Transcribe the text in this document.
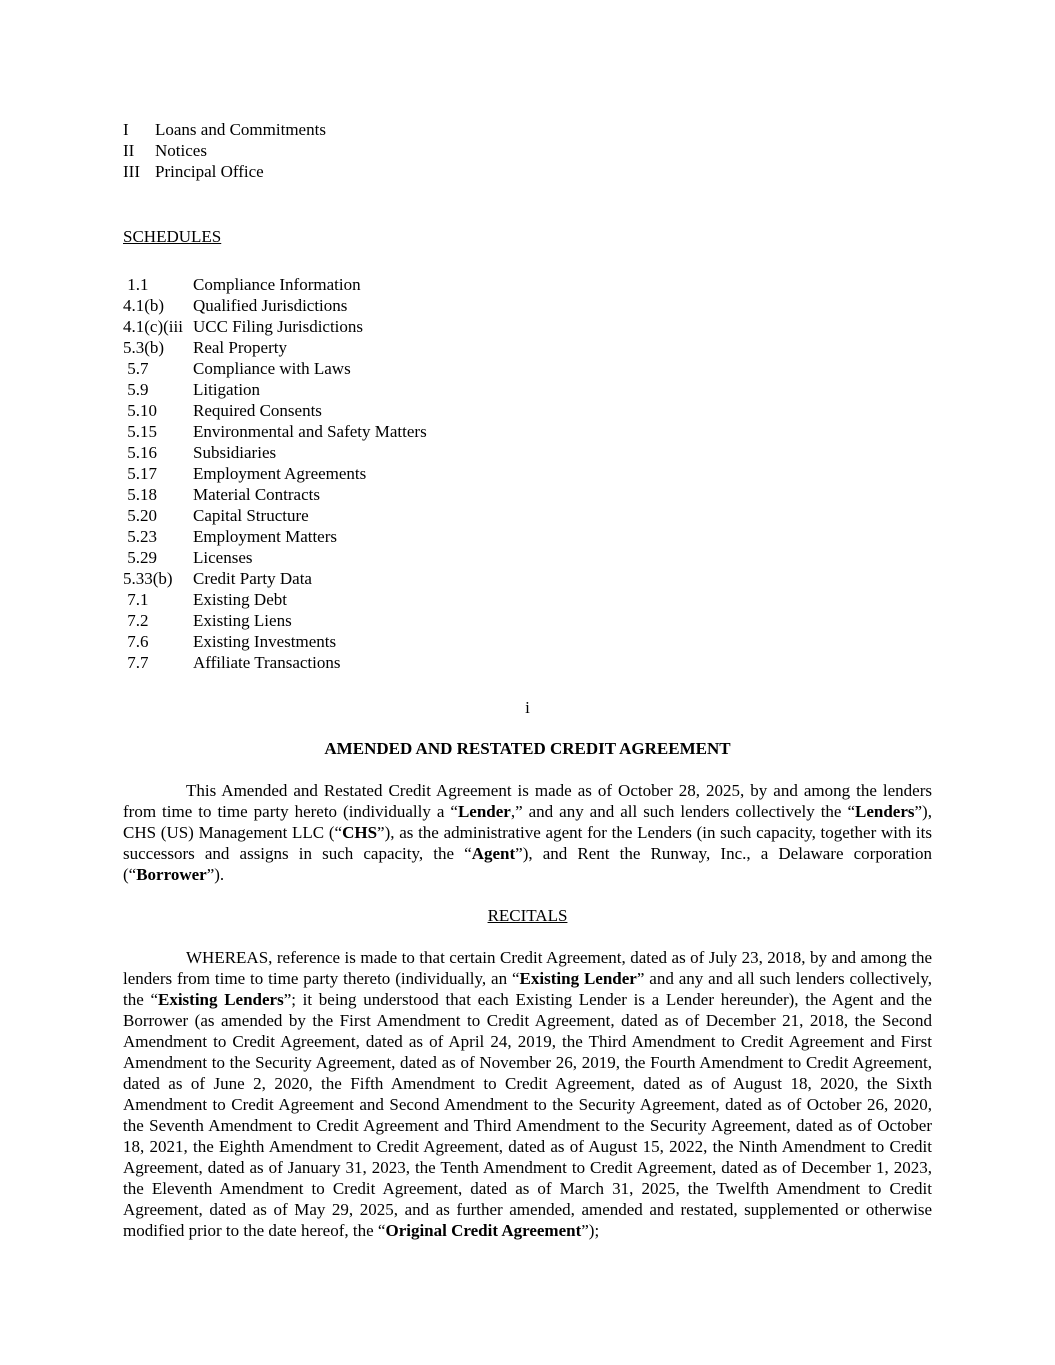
I	Loans and Commitments
II	Notices
III Principal Office
SCHEDULES
1.1	Compliance Information
4.1(b)	Qualified Jurisdictions
4.1(c)(iii UCC Filing Jurisdictions
5.3(b)	Real Property
5.7	Compliance with Laws
5.9	Litigation
5.10	Required Consents
5.15	Environmental and Safety Matters
5.16	Subsidiaries
5.17	Employment Agreements
5.18	Material Contracts
5.20	Capital Structure
5.23	Employment Matters
5.29	Licenses
5.33(b)	Credit Party Data
7.1	Existing Debt
7.2	Existing Liens
7.6	Existing Investments
7.7	Affiliate Transactions
i
AMENDED AND RESTATED CREDIT AGREEMENT

This Amended and Restated Credit Agreement is made as of October 28, 2025, by and among the lenders from time to time party hereto (individually a “Lender,” and any and all such lenders collectively the “Lenders”), CHS (US) Management LLC (“CHS”), as the administrative agent for the Lenders (in such capacity, together with its successors and assigns in such capacity, the “Agent”), and Rent the Runway, Inc., a Delaware corporation (“Borrower”).

RECITALS

WHEREAS, reference is made to that certain Credit Agreement, dated as of July 23, 2018, by and among the lenders from time to time party thereto (individually, an “Existing Lender” and any and all such lenders collectively, the “Existing Lenders”; it being understood that each Existing Lender is a Lender hereunder), the Agent and the Borrower (as amended by the First Amendment to Credit Agreement, dated as of December 21, 2018, the Second Amendment to Credit Agreement, dated as of April 24, 2019, the Third Amendment to Credit Agreement and First Amendment to the Security Agreement, dated as of November 26, 2019, the Fourth Amendment to Credit Agreement, dated as of June 2, 2020, the Fifth Amendment to Credit Agreement, dated as of August 18, 2020, the Sixth Amendment to Credit Agreement and Second Amendment to the Security Agreement, dated as of October 26, 2020, the Seventh Amendment to Credit Agreement and Third Amendment to the Security Agreement, dated as of October 18, 2021, the Eighth Amendment to Credit Agreement, dated as of August 15, 2022, the Ninth Amendment to Credit Agreement, dated as of January 31, 2023, the Tenth Amendment to Credit Agreement, dated as of December 1, 2023, the Eleventh Amendment to Credit Agreement, dated as of March 31, 2025, the Twelfth Amendment to Credit Agreement, dated as of May 29, 2025, and as further amended, amended and restated, supplemented or otherwise modified prior to the date hereof, the “Original Credit Agreement”);
